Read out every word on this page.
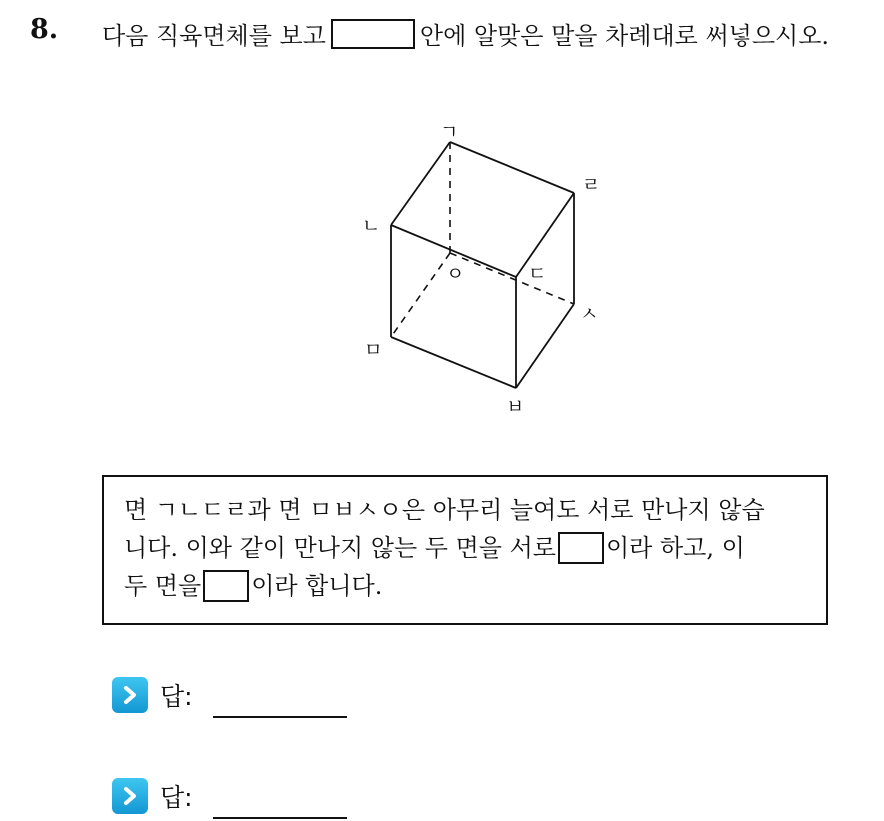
8. 다음 직육면체를 보고	안에 알맞은 말을 차례대로 써넣으시오.
ㄱ
ㄴ
ㄷ
ㄹ
ㅁ
ㅂ
ㅅ
ㅇ
면 ㄱㄴㄷㄹ과 면 ㅁㅂㅅㅇ은 아무리 늘여도 서로 만나지 않습
니다. 이와 같이 만나지 않는 두 면을 서로 이라 하고, 이
두 면을 이라 합니다.
답:
답:
